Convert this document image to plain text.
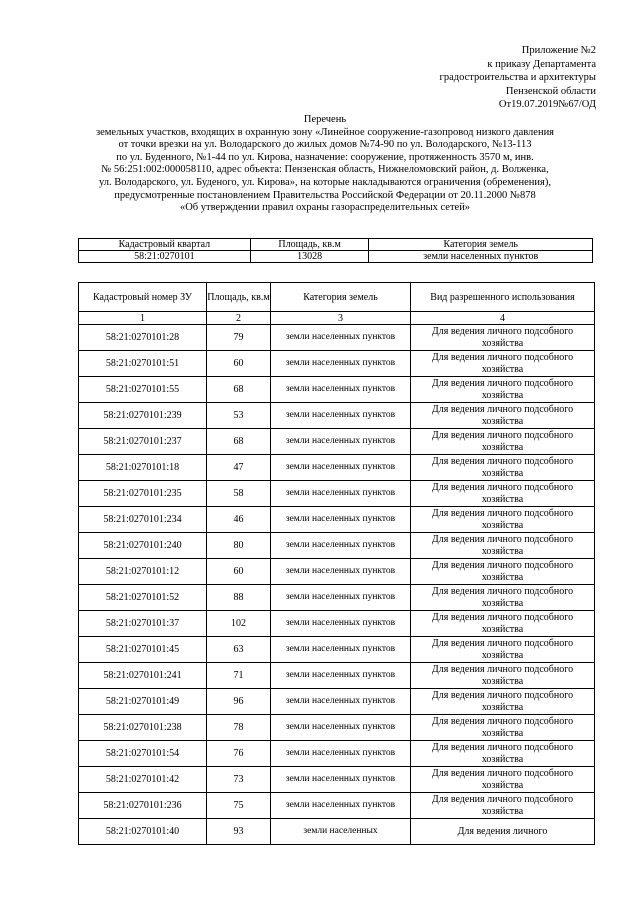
Приложение №2
к приказу Департамента
градостроительства и архитектуры
Пензенской области
От19.07.2019№67/ОД
Перечень
земельных участков, входящих в охранную зону «Линейное сооружение-газопровод низкого давления
от точки врезки на ул. Володарского до жилых домов №74-90 по ул. Володарского, №13-113
по ул. Буденного, №1-44 по ул. Кирова, назначение: сооружение, протяженность 3570 м, инв.
№ 56:251:002:000058110, адрес объекта: Пензенская область, Нижнеломовский район, д. Волженка,
ул. Володарского, ул. Буденого, ул. Кирова», на которые накладываются ограничения (обременения),
предусмотренные постановлением Правительства Российской Федерации от 20.11.2000 №878
«Об утверждении правил охраны газораспределительных сетей»
Кадастровый квартал	Площадь, кв.м	Категория земель
58:21:0270101	13028	земли населенных пунктов
Кадастровый номер ЗУ	Площадь, кв.м	Категория земель	Вид разрешенного использования
1	2	3	4
58:21:0270101:28	79	земли населенных пунктов	Для ведения личного подсобного хозяйства
58:21:0270101:51	60	земли населенных пунктов	Для ведения личного подсобного хозяйства
58:21:0270101:55	68	земли населенных пунктов	Для ведения личного подсобного хозяйства
58:21:0270101:239	53	земли населенных пунктов	Для ведения личного подсобного хозяйства
58:21:0270101:237	68	земли населенных пунктов	Для ведения личного подсобного хозяйства
58:21:0270101:18	47	земли населенных пунктов	Для ведения личного подсобного хозяйства
58:21:0270101:235	58	земли населенных пунктов	Для ведения личного подсобного хозяйства
58:21:0270101:234	46	земли населенных пунктов	Для ведения личного подсобного хозяйства
58:21:0270101:240	80	земли населенных пунктов	Для ведения личного подсобного хозяйства
58:21:0270101:12	60	земли населенных пунктов	Для ведения личного подсобного хозяйства
58:21:0270101:52	88	земли населенных пунктов	Для ведения личного подсобного хозяйства
58:21:0270101:37	102	земли населенных пунктов	Для ведения личного подсобного хозяйства
58:21:0270101:45	63	земли населенных пунктов	Для ведения личного подсобного хозяйства
58:21:0270101:241	71	земли населенных пунктов	Для ведения личного подсобного хозяйства
58:21:0270101:49	96	земли населенных пунктов	Для ведения личного подсобного хозяйства
58:21:0270101:238	78	земли населенных пунктов	Для ведения личного подсобного хозяйства
58:21:0270101:54	76	земли населенных пунктов	Для ведения личного подсобного хозяйства
58:21:0270101:42	73	земли населенных пунктов	Для ведения личного подсобного хозяйства
58:21:0270101:236	75	земли населенных пунктов	Для ведения личного подсобного хозяйства
58:21:0270101:40	93	земли населенных	Для ведения личного
